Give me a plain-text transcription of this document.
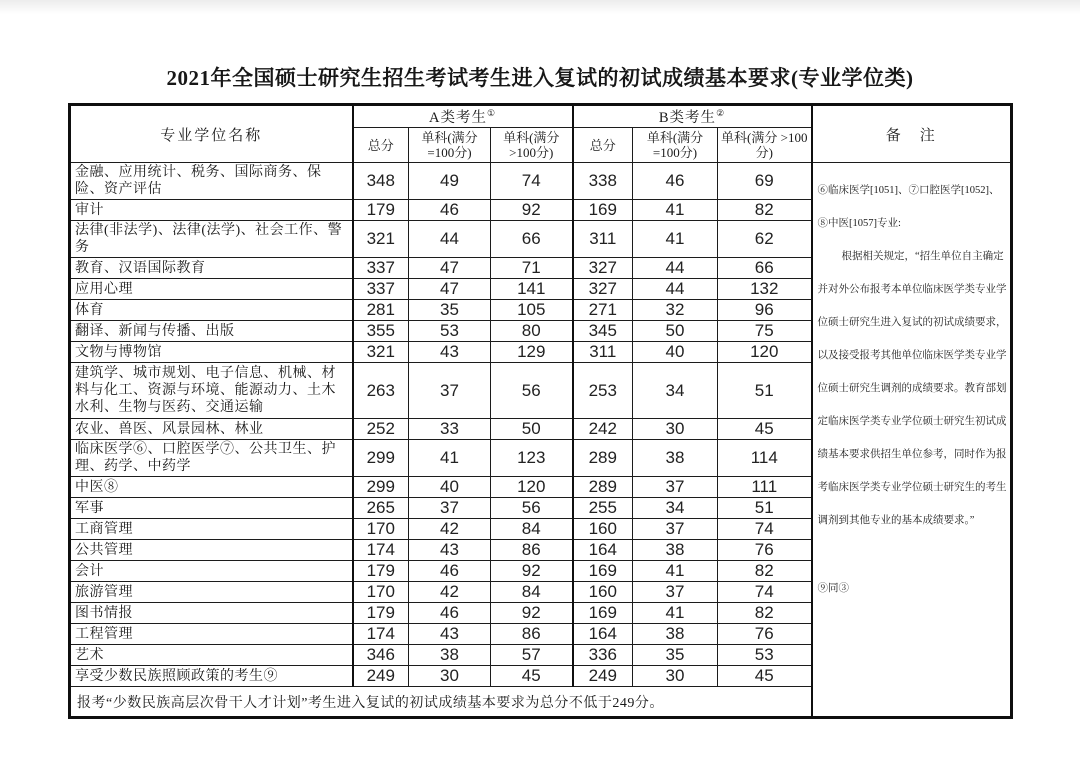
2021年全国硕士研究生招生考试考生进入复试的初试成绩基本要求(专业学位类)
专业学位名称	A类考生①			B类考生②			备　注
	总分	单科(满分 =100分)	单科(满分 >100分)	总分	单科(满分 =100分)	单科(满分 >100分)	
金融、应用统计、税务、国际商务、保险、资产评估	348	49	74	338	46	69	
⑥临床医学[1051]、⑦口腔医学[1052]、
⑧中医[1057]专业:
根据相关规定，“招生单位自主确定
并对外公布报考本单位临床医学类专业学
位硕士研究生进入复试的初试成绩要求，
以及接受报考其他单位临床医学类专业学
位硕士研究生调剂的成绩要求。教育部划
定临床医学类专业学位硕士研究生初试成
绩基本要求供招生单位参考，同时作为报
考临床医学类专业学位硕士研究生的考生
调剂到其他专业的基本成绩要求。”
⑨同③

审计	179	46	92	169	41	82	
法律(非法学)、法律(法学)、社会工作、警务	321	44	66	311	41	62	
教育、汉语国际教育	337	47	71	327	44	66	
应用心理	337	47	141	327	44	132	
体育	281	35	105	271	32	96	
翻译、新闻与传播、出版	355	53	80	345	50	75	
文物与博物馆	321	43	129	311	40	120	
建筑学、城市规划、电子信息、机械、材料与化工、资源与环境、能源动力、土木水利、生物与医药、交通运输	263	37	56	253	34	51	
农业、兽医、风景园林、林业	252	33	50	242	30	45	
临床医学⑥、口腔医学⑦、公共卫生、护理、药学、中药学	299	41	123	289	38	114	
中医⑧	299	40	120	289	37	111	
军事	265	37	56	255	34	51	
工商管理	170	42	84	160	37	74	
公共管理	174	43	86	164	38	76	
会计	179	46	92	169	41	82	
旅游管理	170	42	84	160	37	74	
图书情报	179	46	92	169	41	82	
工程管理	174	43	86	164	38	76	
艺术	346	38	57	336	35	53	
享受少数民族照顾政策的考生⑨	249	30	45	249	30	45	
报考“少数民族高层次骨干人才计划”考生进入复试的初试成绩基本要求为总分不低于249分。							
